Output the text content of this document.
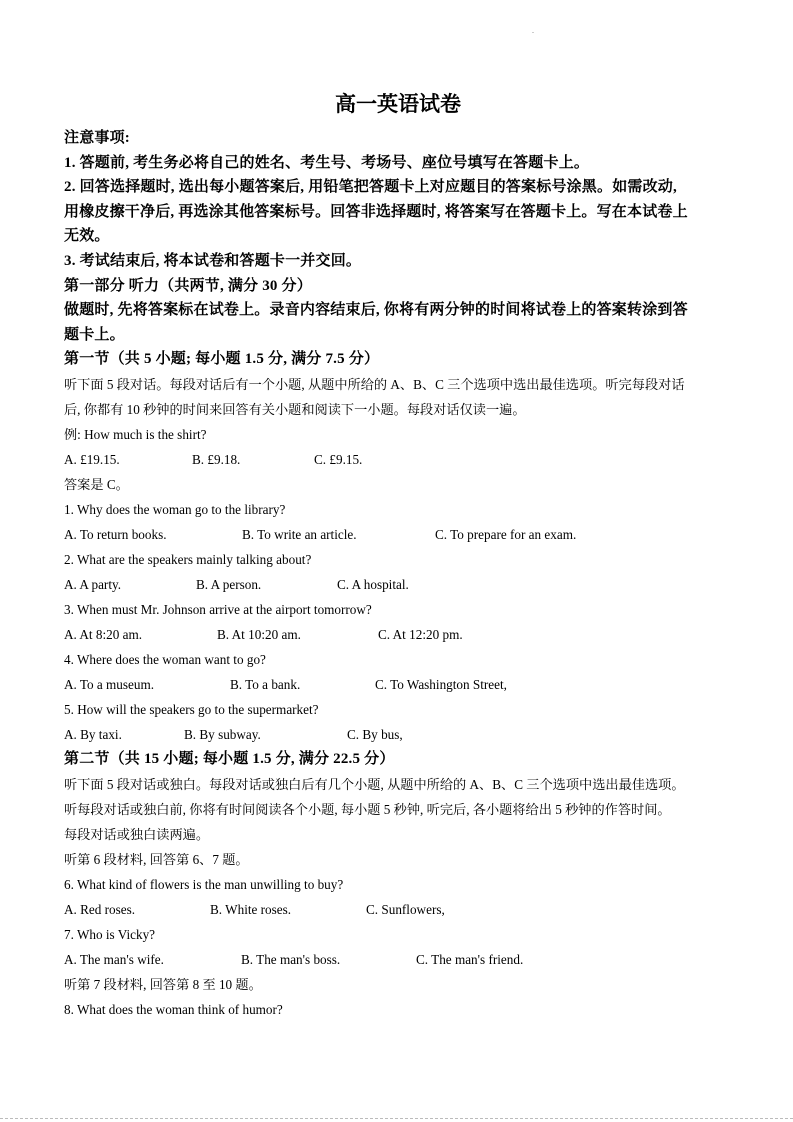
高一英语试卷

注意事项:

1. 答题前, 考生务必将自己的姓名、考生号、考场号、座位号填写在答题卡上。

2. 回答选择题时, 选出每小题答案后, 用铅笔把答题卡上对应题目的答案标号涂黑。如需改动,

用橡皮擦干净后, 再选涂其他答案标号。回答非选择题时, 将答案写在答题卡上。写在本试卷上

无效。

3. 考试结束后, 将本试卷和答题卡一并交回。

第一部分 听力（共两节, 满分 30 分）

做题时, 先将答案标在试卷上。录音内容结束后, 你将有两分钟的时间将试卷上的答案转涂到答

题卡上。

第一节（共 5 小题; 每小题 1.5 分, 满分 7.5 分）

听下面 5 段对话。每段对话后有一个小题, 从题中所给的 A、B、C 三个选项中选出最佳选项。听完每段对话

后, 你都有 10 秒钟的时间来回答有关小题和阅读下一小题。每段对话仅读一遍。

例: How much is the shirt?

A. £19.15.	B. £9.18.	C. £9.15.

答案是 C。

1. Why does the woman go to the library?

A. To return books.	B. To write an article.	C. To prepare for an exam.

2. What are the speakers mainly talking about?

A. A party.	B. A person.	C. A hospital.

3. When must Mr. Johnson arrive at the airport tomorrow?

A. At 8:20 am.	B. At 10:20 am.	C. At 12:20 pm.

4. Where does the woman want to go?

A. To a museum.	B. To a bank.	C. To Washington Street,

5. How will the speakers go to the supermarket?

A. By taxi.	B. By subway.	C. By bus,

第二节（共 15 小题; 每小题 1.5 分, 满分 22.5 分）

听下面 5 段对话或独白。每段对话或独白后有几个小题, 从题中所给的 A、B、C 三个选项中选出最佳选项。

听每段对话或独白前, 你将有时间阅读各个小题, 每小题 5 秒钟, 听完后, 各小题将给出 5 秒钟的作答时间。

每段对话或独白读两遍。

听第 6 段材料, 回答第 6、7 题。

6. What kind of flowers is the man unwilling to buy?

A. Red roses.	B. White roses.	C. Sunflowers,

7. Who is Vicky?

A. The man's wife.	B. The man's boss.	C. The man's friend.

听第 7 段材料, 回答第 8 至 10 题。

8. What does the woman think of humor?
